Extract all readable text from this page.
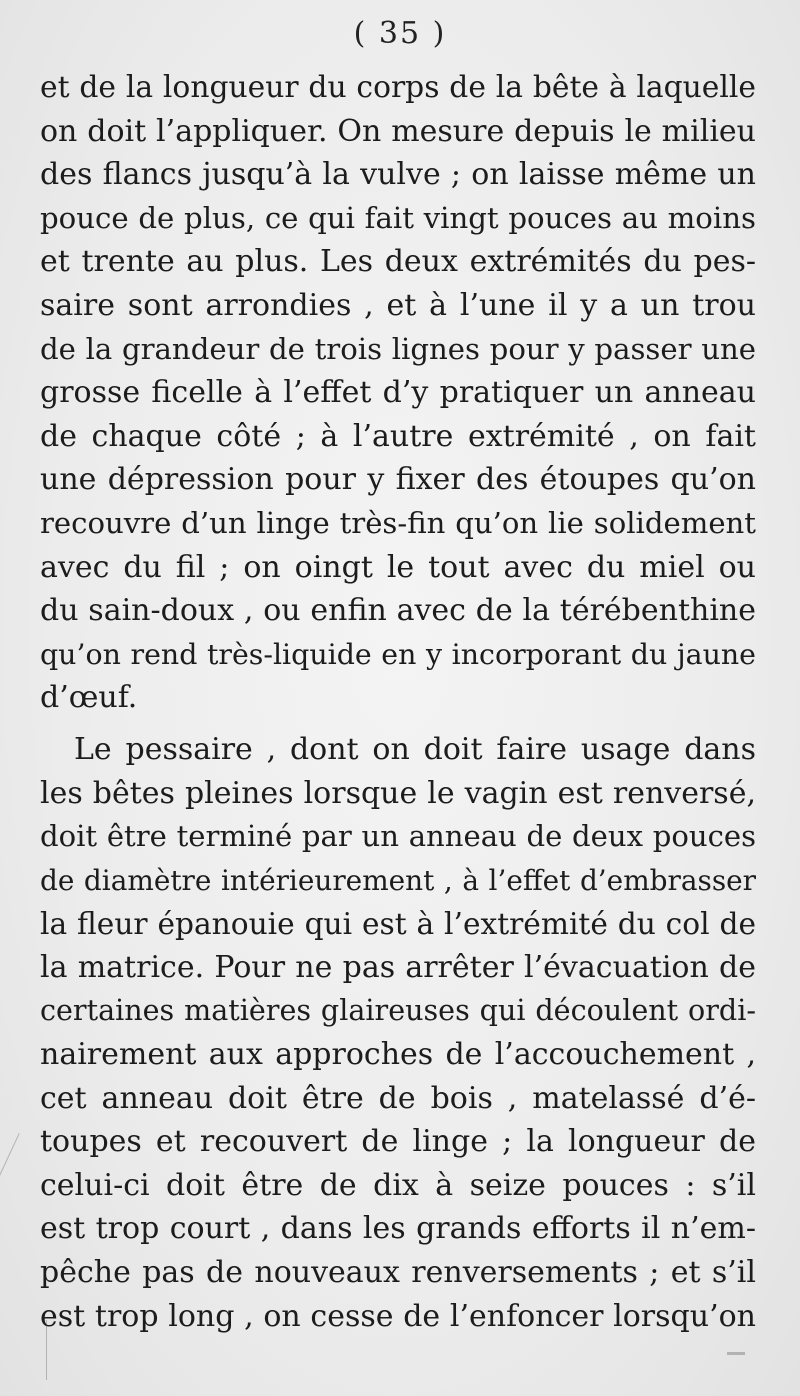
( 35 )
et de la longueur du corps de la bête à laquelle
on doit l’appliquer. On mesure depuis le milieu
des flancs jusqu’à la vulve ; on laisse même un
pouce de plus, ce qui fait vingt pouces au moins
et trente au plus. Les deux extrémités du pes-
saire sont arrondies , et à l’une il y a un trou
de la grandeur de trois lignes pour y passer une
grosse ficelle à l’effet d’y pratiquer un anneau
de chaque côté ; à l’autre extrémité , on fait
une dépression pour y fixer des étoupes qu’on
recouvre d’un linge très-fin qu’on lie solidement
avec du fil ; on oingt le tout avec du miel ou
du sain-doux , ou enfin avec de la térébenthine
qu’on rend très-liquide en y incorporant du jaune
d’œuf.
Le pessaire , dont on doit faire usage dans
les bêtes pleines lorsque le vagin est renversé,
doit être terminé par un anneau de deux pouces
de diamètre intérieurement , à l’effet d’embrasser
la fleur épanouie qui est à l’extrémité du col de
la matrice. Pour ne pas arrêter l’évacuation de
certaines matières glaireuses qui découlent ordi-
nairement aux approches de l’accouchement ,
cet anneau doit être de bois , matelassé d’é-
toupes et recouvert de linge ; la longueur de
celui-ci doit être de dix à seize pouces : s’il
est trop court , dans les grands efforts il n’em-
pêche pas de nouveaux renversements ; et s’il
est trop long , on cesse de l’enfoncer lorsqu’on
